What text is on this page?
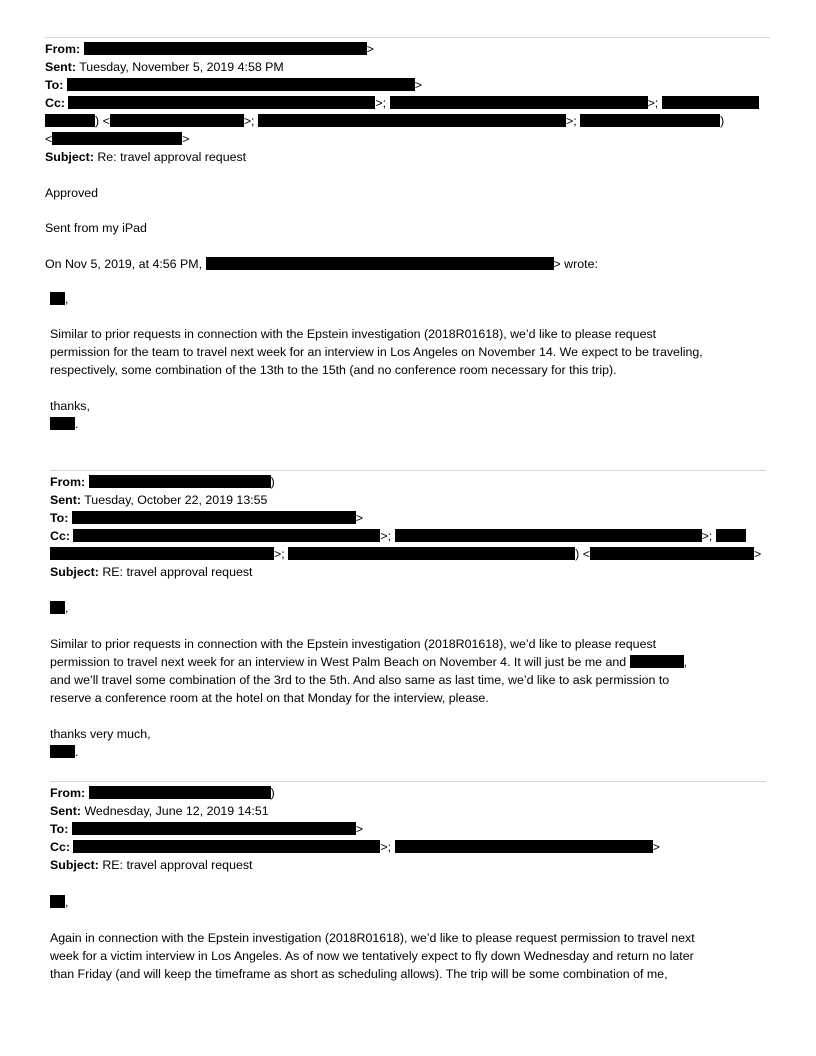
From:	>
Sent: Tuesday, November 5, 2019 4:58 PM
To:	>
Cc:	>;	>;
) <	>;	>;	)
<	>
Subject: Re: travel approval request
Approved
Sent from my iPad
On Nov 5, 2019, at 4:56 PM,	> wrote:
,
Similar to prior requests in connection with the Epstein investigation (2018R01618), we’d like to please request
permission for the team to travel next week for an interview in Los Angeles on November 14. We expect to be traveling,
respectively, some combination of the 13th to the 15th (and no conference room necessary for this trip).
thanks,
.
From:	)
Sent: Tuesday, October 22, 2019 13:55
To:	>
Cc:	>;	>;
>;	) <	>
Subject: RE: travel approval request
,
Similar to prior requests in connection with the Epstein investigation (2018R01618), we’d like to please request
permission to travel next week for an interview in West Palm Beach on November 4. It will just be me and	,
and we’ll travel some combination of the 3rd to the 5th. And also same as last time, we’d like to ask permission to
reserve a conference room at the hotel on that Monday for the interview, please.
thanks very much,
.
From:	)
Sent: Wednesday, June 12, 2019 14:51
To:	>
Cc:	>;	>
Subject: RE: travel approval request
,
Again in connection with the Epstein investigation (2018R01618), we’d like to please request permission to travel next
week for a victim interview in Los Angeles. As of now we tentatively expect to fly down Wednesday and return no later
than Friday (and will keep the timeframe as short as scheduling allows). The trip will be some combination of me,
